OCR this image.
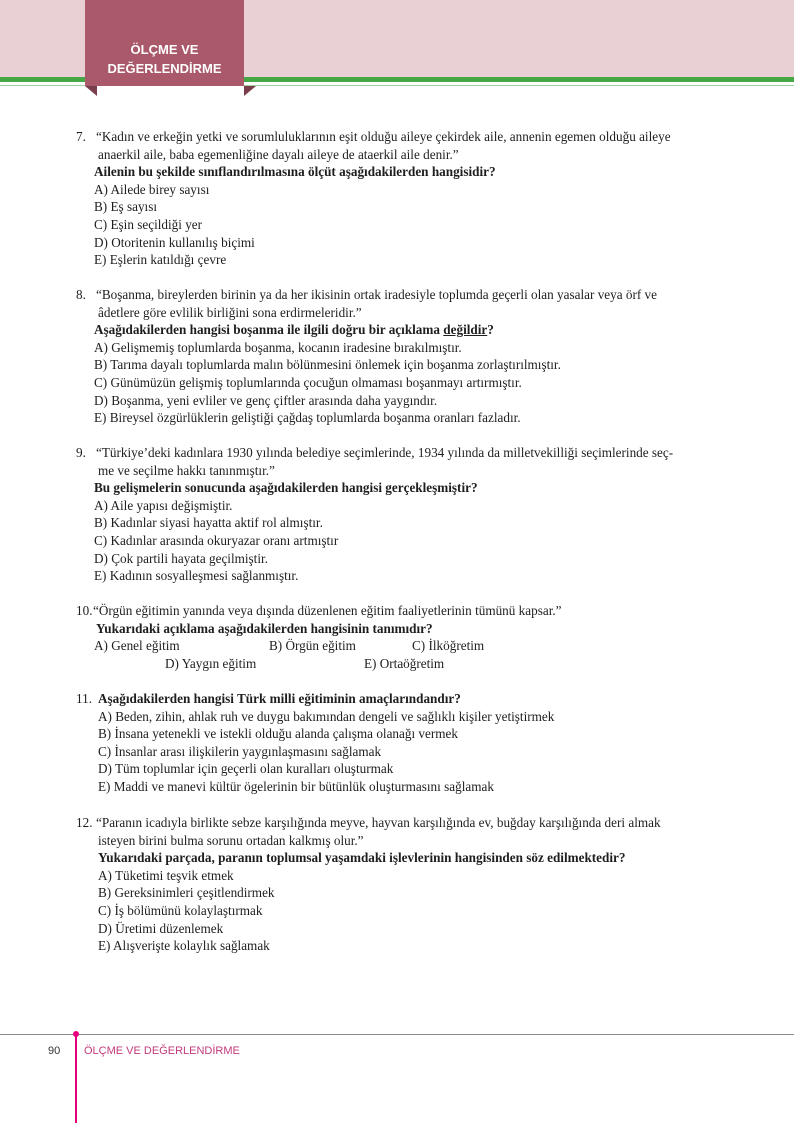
ÖLÇME VE
DEĞERLENDİRME
7. “Kadın ve erkeğin yetki ve sorumluluklarının eşit olduğu aileye çekirdek aile, annenin egemen olduğu aileye
anaerkil aile, baba egemenliğine dayalı aileye de ataerkil aile denir.”
Ailenin bu şekilde sınıflandırılmasına ölçüt aşağıdakilerden hangisidir?
A) Ailede birey sayısı
B) Eş sayısı
C) Eşin seçildiği yer
D) Otoritenin kullanılış biçimi
E) Eşlerin katıldığı çevre
8. “Boşanma, bireylerden birinin ya da her ikisinin ortak iradesiyle toplumda geçerli olan yasalar veya örf ve
âdetlere göre evlilik birliğini sona erdirmeleridir.”
Aşağıdakilerden hangisi boşanma ile ilgili doğru bir açıklama değildir?
A) Gelişmemiş toplumlarda boşanma, kocanın iradesine bırakılmıştır.
B) Tarıma dayalı toplumlarda malın bölünmesini önlemek için boşanma zorlaştırılmıştır.
C) Günümüzün gelişmiş toplumlarında çocuğun olmaması boşanmayı artırmıştır.
D) Boşanma, yeni evliler ve genç çiftler arasında daha yaygındır.
E) Bireysel özgürlüklerin geliştiği çağdaş toplumlarda boşanma oranları fazladır.
9. “Türkiye’deki kadınlara 1930 yılında belediye seçimlerinde, 1934 yılında da milletvekilliği seçimlerinde seç-
me ve seçilme hakkı tanınmıştır.”
Bu gelişmelerin sonucunda aşağıdakilerden hangisi gerçekleşmiştir?
A) Aile yapısı değişmiştir.
B) Kadınlar siyasi hayatta aktif rol almıştır.
C) Kadınlar arasında okuryazar oranı artmıştır
D) Çok partili hayata geçilmiştir.
E) Kadının sosyalleşmesi sağlanmıştır.
10. “Örgün eğitimin yanında veya dışında düzenlenen eğitim faaliyetlerinin tümünü kapsar.”
Yukarıdaki açıklama aşağıdakilerden hangisinin tanımıdır?
A) Genel eğitim	B) Örgün eğitim	C) İlköğretim
D) Yaygın eğitim	E) Ortaöğretim
11. Aşağıdakilerden hangisi Türk milli eğitiminin amaçlarındandır?
A) Beden, zihin, ahlak ruh ve duygu bakımından dengeli ve sağlıklı kişiler yetiştirmek
B) İnsana yetenekli ve istekli olduğu alanda çalışma olanağı vermek
C) İnsanlar arası ilişkilerin yaygınlaşmasını sağlamak
D) Tüm toplumlar için geçerli olan kuralları oluşturmak
E) Maddi ve manevi kültür ögelerinin bir bütünlük oluşturmasını sağlamak
12. “Paranın icadıyla birlikte sebze karşılığında meyve, hayvan karşılığında ev, buğday karşılığında deri almak
isteyen birini bulma sorunu ortadan kalkmış olur.”
Yukarıdaki parçada, paranın toplumsal yaşamdaki işlevlerinin hangisinden söz edilmektedir?
A) Tüketimi teşvik etmek
B) Gereksinimleri çeşitlendirmek
C) İş bölümünü kolaylaştırmak
D) Üretimi düzenlemek
E) Alışverişte kolaylık sağlamak
90 ÖLÇME VE DEĞERLENDİRME
